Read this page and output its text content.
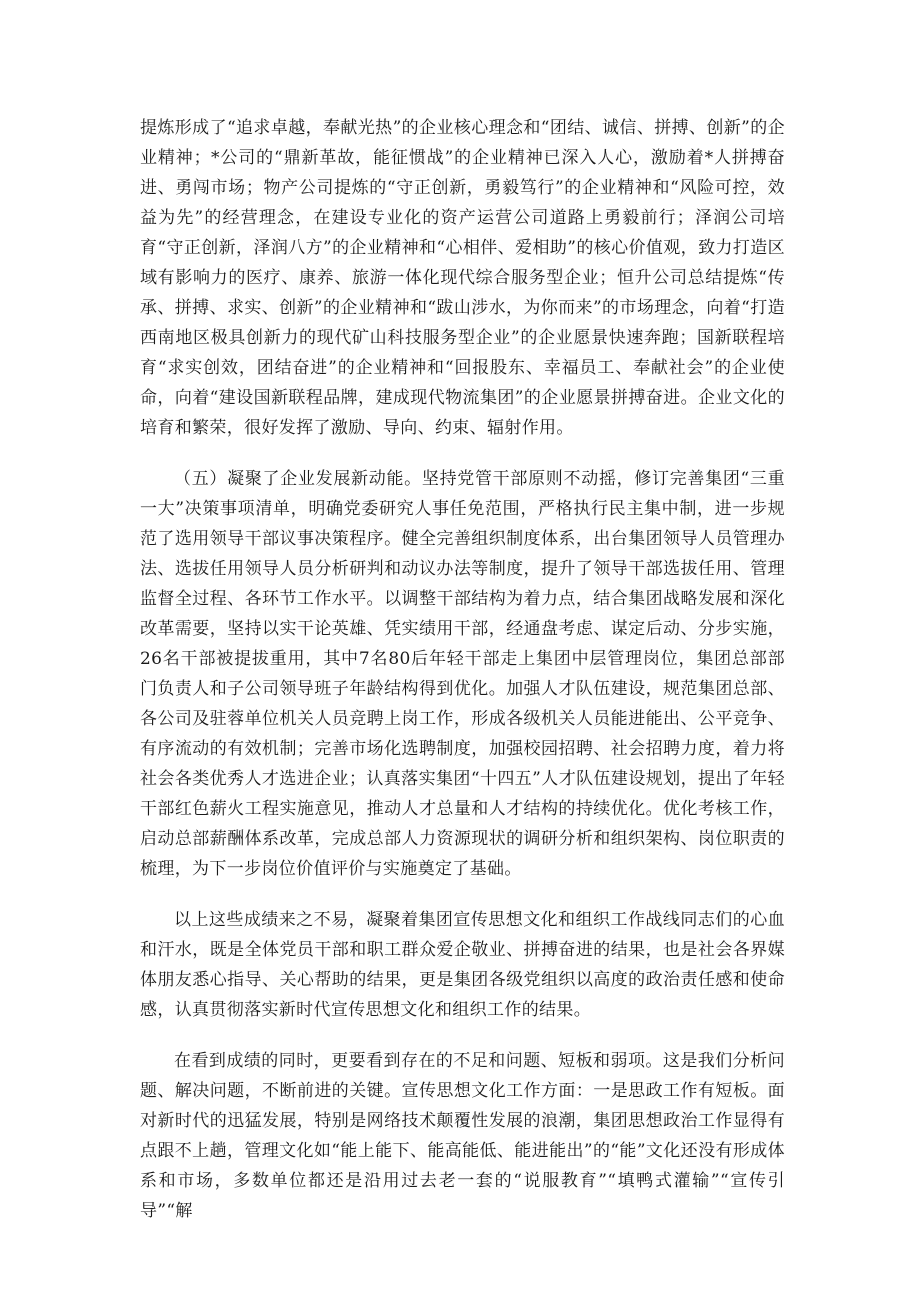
提炼形成了“追求卓越，奉献光热”的企业核心理念和“团结、诚信、拼搏、创新”的企业精神；*公司的“鼎新革故，能征惯战”的企业精神已深入人心，激励着*人拼搏奋进、勇闯市场；物产公司提炼的“守正创新，勇毅笃行”的企业精神和“风险可控，效益为先”的经营理念，在建设专业化的资产运营公司道路上勇毅前行；泽润公司培育“守正创新，泽润八方”的企业精神和“心相伴、爱相助”的核心价值观，致力打造区域有影响力的医疗、康养、旅游一体化现代综合服务型企业；恒升公司总结提炼“传承、拼搏、求实、创新”的企业精神和“跋山涉水，为你而来”的市场理念，向着“打造西南地区极具创新力的现代矿山科技服务型企业”的企业愿景快速奔跑；国新联程培育“求实创效，团结奋进”的企业精神和“回报股东、幸福员工、奉献社会”的企业使命，向着“建设国新联程品牌，建成现代物流集团”的企业愿景拼搏奋进。企业文化的培育和繁荣，很好发挥了激励、导向、约束、辐射作用。

（五）凝聚了企业发展新动能。坚持党管干部原则不动摇，修订完善集团“三重一大”决策事项清单，明确党委研究人事任免范围，严格执行民主集中制，进一步规范了选用领导干部议事决策程序。健全完善组织制度体系，出台集团领导人员管理办法、选拔任用领导人员分析研判和动议办法等制度，提升了领导干部选拔任用、管理监督全过程、各环节工作水平。以调整干部结构为着力点，结合集团战略发展和深化改革需要，坚持以实干论英雄、凭实绩用干部，经通盘考虑、谋定后动、分步实施，26名干部被提拔重用，其中7名80后年轻干部走上集团中层管理岗位，集团总部部门负责人和子公司领导班子年龄结构得到优化。加强人才队伍建设，规范集团总部、各公司及驻蓉单位机关人员竞聘上岗工作，形成各级机关人员能进能出、公平竞争、有序流动的有效机制；完善市场化选聘制度，加强校园招聘、社会招聘力度，着力将社会各类优秀人才选进企业；认真落实集团“十四五”人才队伍建设规划，提出了年轻干部红色薪火工程实施意见，推动人才总量和人才结构的持续优化。优化考核工作，启动总部薪酬体系改革，完成总部人力资源现状的调研分析和组织架构、岗位职责的梳理，为下一步岗位价值评价与实施奠定了基础。

以上这些成绩来之不易，凝聚着集团宣传思想文化和组织工作战线同志们的心血和汗水，既是全体党员干部和职工群众爱企敬业、拼搏奋进的结果，也是社会各界媒体朋友悉心指导、关心帮助的结果，更是集团各级党组织以高度的政治责任感和使命感，认真贯彻落实新时代宣传思想文化和组织工作的结果。

在看到成绩的同时，更要看到存在的不足和问题、短板和弱项。这是我们分析问题、解决问题，不断前进的关键。宣传思想文化工作方面：一是思政工作有短板。面对新时代的迅猛发展，特别是网络技术颠覆性发展的浪潮，集团思想政治工作显得有点跟不上趟，管理文化如“能上能下、能高能低、能进能出”的“能”文化还没有形成体系和市场，多数单位都还是沿用过去老一套的“说服教育”“填鸭式灌输”“宣传引导”“解
